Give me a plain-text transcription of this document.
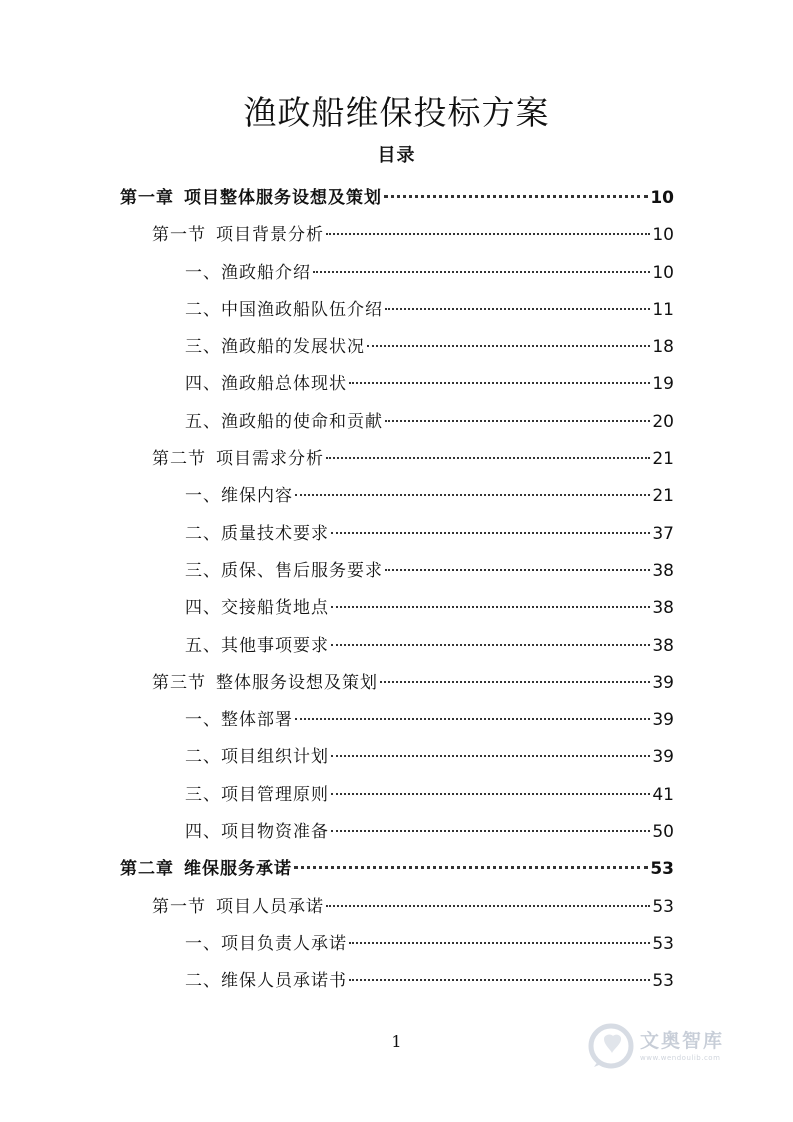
渔政船维保投标方案
目录
第一章 项目整体服务设想及策划	10
第一节 项目背景分析	10
一、渔政船介绍	10
二、中国渔政船队伍介绍	11
三、渔政船的发展状况	18
四、渔政船总体现状	19
五、渔政船的使命和贡献	20
第二节 项目需求分析	21
一、维保内容	21
二、质量技术要求	37
三、质保、售后服务要求	38
四、交接船货地点	38
五、其他事项要求	38
第三节 整体服务设想及策划	39
一、整体部署	39
二、项目组织计划	39
三、项目管理原则	41
四、项目物资准备	50
第二章 维保服务承诺	53
第一节 项目人员承诺	53
一、项目负责人承诺	53
二、维保人员承诺书	53
1	文奥智库
www.wendoulib.com
